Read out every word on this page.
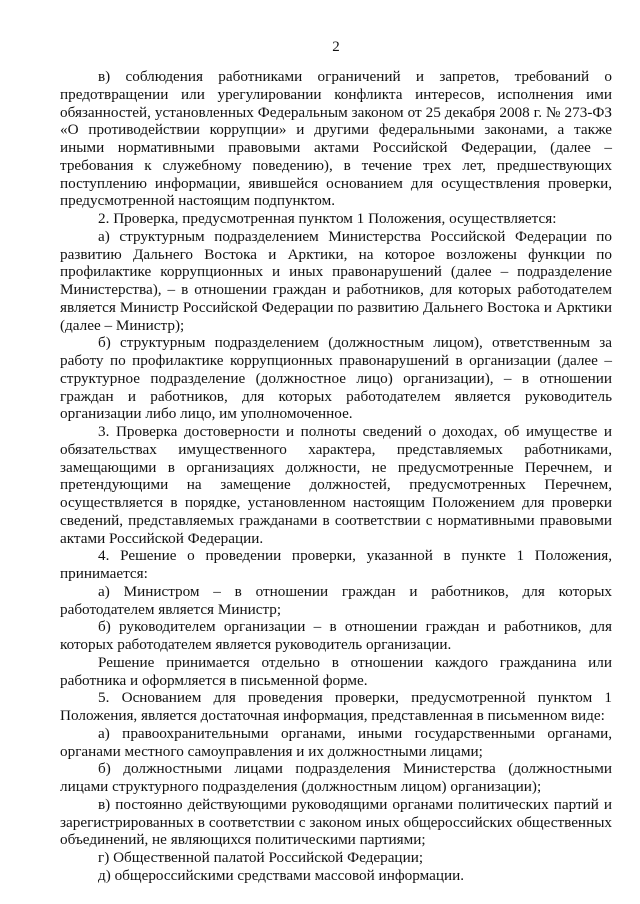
2

в) соблюдения работниками ограничений и запретов, требований о предотвращении или урегулировании конфликта интересов, исполнения ими обязанностей, установленных Федеральным законом от 25 декабря 2008 г. № 273-ФЗ «О противодействии коррупции» и другими федеральными законами, а также иными нормативными правовыми актами Российской Федерации, (далее – требования к служебному поведению), в течение трех лет, предшествующих поступлению информации, явившейся основанием для осуществления проверки, предусмотренной настоящим подпунктом.

2. Проверка, предусмотренная пунктом 1 Положения, осуществляется:

а) структурным подразделением Министерства Российской Федерации по развитию Дальнего Востока и Арктики, на которое возложены функции по профилактике коррупционных и иных правонарушений (далее – подразделение Министерства), – в отношении граждан и работников, для которых работодателем является Министр Российской Федерации по развитию Дальнего Востока и Арктики (далее – Министр);

б) структурным подразделением (должностным лицом), ответственным за работу по профилактике коррупционных правонарушений в организации (далее – структурное подразделение (должностное лицо) организации), – в отношении граждан и работников, для которых работодателем является руководитель организации либо лицо, им уполномоченное.

3. Проверка достоверности и полноты сведений о доходах, об имуществе и обязательствах имущественного характера, представляемых работниками, замещающими в организациях должности, не предусмотренные Перечнем, и претендующими на замещение должностей, предусмотренных Перечнем, осуществляется в порядке, установленном настоящим Положением для проверки сведений, представляемых гражданами в соответствии с нормативными правовыми актами Российской Федерации.

4. Решение о проведении проверки, указанной в пункте 1 Положения, принимается:

а) Министром – в отношении граждан и работников, для которых работодателем является Министр;

б) руководителем организации – в отношении граждан и работников, для которых работодателем является руководитель организации.

Решение принимается отдельно в отношении каждого гражданина или работника и оформляется в письменной форме.

5. Основанием для проведения проверки, предусмотренной пунктом 1 Положения, является достаточная информация, представленная в письменном виде:

а) правоохранительными органами, иными государственными органами, органами местного самоуправления и их должностными лицами;

б) должностными лицами подразделения Министерства (должностными лицами структурного подразделения (должностным лицом) организации);

в) постоянно действующими руководящими органами политических партий и зарегистрированных в соответствии с законом иных общероссийских общественных объединений, не являющихся политическими партиями;

г) Общественной палатой Российской Федерации;

д) общероссийскими средствами массовой информации.
